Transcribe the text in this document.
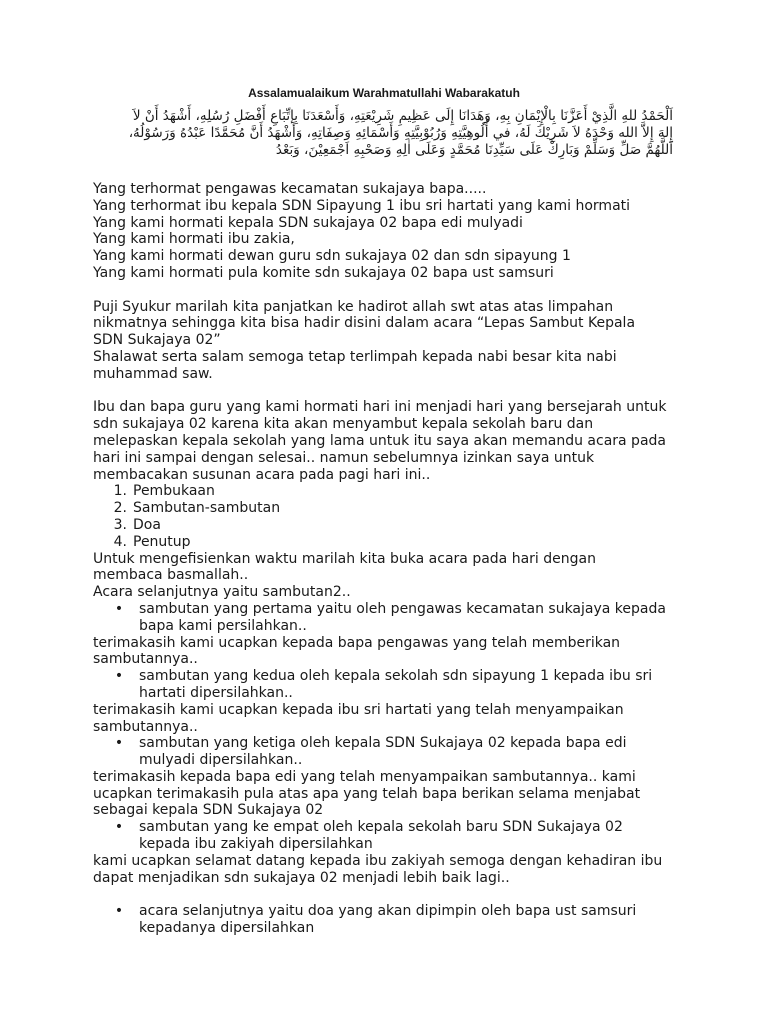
Assalamualaikum Warahmatullahi Wabarakatuh
اَلْحَمْدُ للهِ الَّذِيْ أَعَزَّنَا بِالْإِيْمَانِ بِهِ، وَهَدَانَا إِلَى عَظِيمِ شَرِيْعَتِهِ، وَأَسْعَدَنَا بِإتِّبَاعِ أَفْضَلِ رُسُلِهِ، أَشْهَدُ أَنْ لاَ
إِلهَ إِلاَّ الله وَحْدَهُ لاَ شَرِيْكَ لَهُ، في أُلُوهِيَّتِهِ وَرُبُوْبِيَّتِهِ وَأَسْمَائِهِ وَصِفَاتِهِ، وَأَشْهَدُ أَنَّ مُحَمَّدًا عَبْدُهُ وَرَسُوْلُهُ،
اَللَّهُمَّ صَلِّ وَسَلِّمْ وَبَارِكْ عَلَى سَيِّدِنَا مُحَمَّدٍ وَعَلَى اٰلِهِ وَصَحْبِهِ اَجْمَعِيْنَ، وَبَعْدُ
Yang terhormat pengawas kecamatan sukajaya bapa.....
Yang terhormat ibu kepala SDN Sipayung 1 ibu sri hartati yang kami hormati
Yang kami hormati kepala SDN sukajaya 02 bapa edi mulyadi
Yang kami hormati ibu zakia,
Yang kami hormati dewan guru sdn sukajaya 02 dan sdn sipayung 1
Yang kami hormati pula komite sdn sukajaya 02 bapa ust samsuri
Puji Syukur marilah kita panjatkan ke hadirot allah swt atas atas limpahan
nikmatnya sehingga kita bisa hadir disini dalam acara “Lepas Sambut Kepala
SDN Sukajaya 02”
Shalawat serta salam semoga tetap terlimpah kepada nabi besar kita nabi
muhammad saw.
Ibu dan bapa guru yang kami hormati hari ini menjadi hari yang bersejarah untuk
sdn sukajaya 02 karena kita akan menyambut kepala sekolah baru dan
melepaskan kepala sekolah yang lama untuk itu saya akan memandu acara pada
hari ini sampai dengan selesai.. namun sebelumnya izinkan saya untuk
membacakan susunan acara pada pagi hari ini..
1. Pembukaan
2. Sambutan-sambutan
3. Doa
4. Penutup
Untuk mengefisienkan waktu marilah kita buka acara pada hari dengan
membaca basmallah..
Acara selanjutnya yaitu sambutan2..
•	sambutan yang pertama yaitu oleh pengawas kecamatan sukajaya kepada
bapa kami persilahkan..
terimakasih kami ucapkan kepada bapa pengawas yang telah memberikan
sambutannya..
•	sambutan yang kedua oleh kepala sekolah sdn sipayung 1 kepada ibu sri
hartati dipersilahkan..
terimakasih kami ucapkan kepada ibu sri hartati yang telah menyampaikan
sambutannya..
•	sambutan yang ketiga oleh kepala SDN Sukajaya 02 kepada bapa edi
mulyadi dipersilahkan..
terimakasih kepada bapa edi yang telah menyampaikan sambutannya.. kami
ucapkan terimakasih pula atas apa yang telah bapa berikan selama menjabat
sebagai kepala SDN Sukajaya 02
•	sambutan yang ke empat oleh kepala sekolah baru SDN Sukajaya 02
kepada ibu zakiyah dipersilahkan
kami ucapkan selamat datang kepada ibu zakiyah semoga dengan kehadiran ibu
dapat menjadikan sdn sukajaya 02 menjadi lebih baik lagi..
•	acara selanjutnya yaitu doa yang akan dipimpin oleh bapa ust samsuri
kepadanya dipersilahkan
